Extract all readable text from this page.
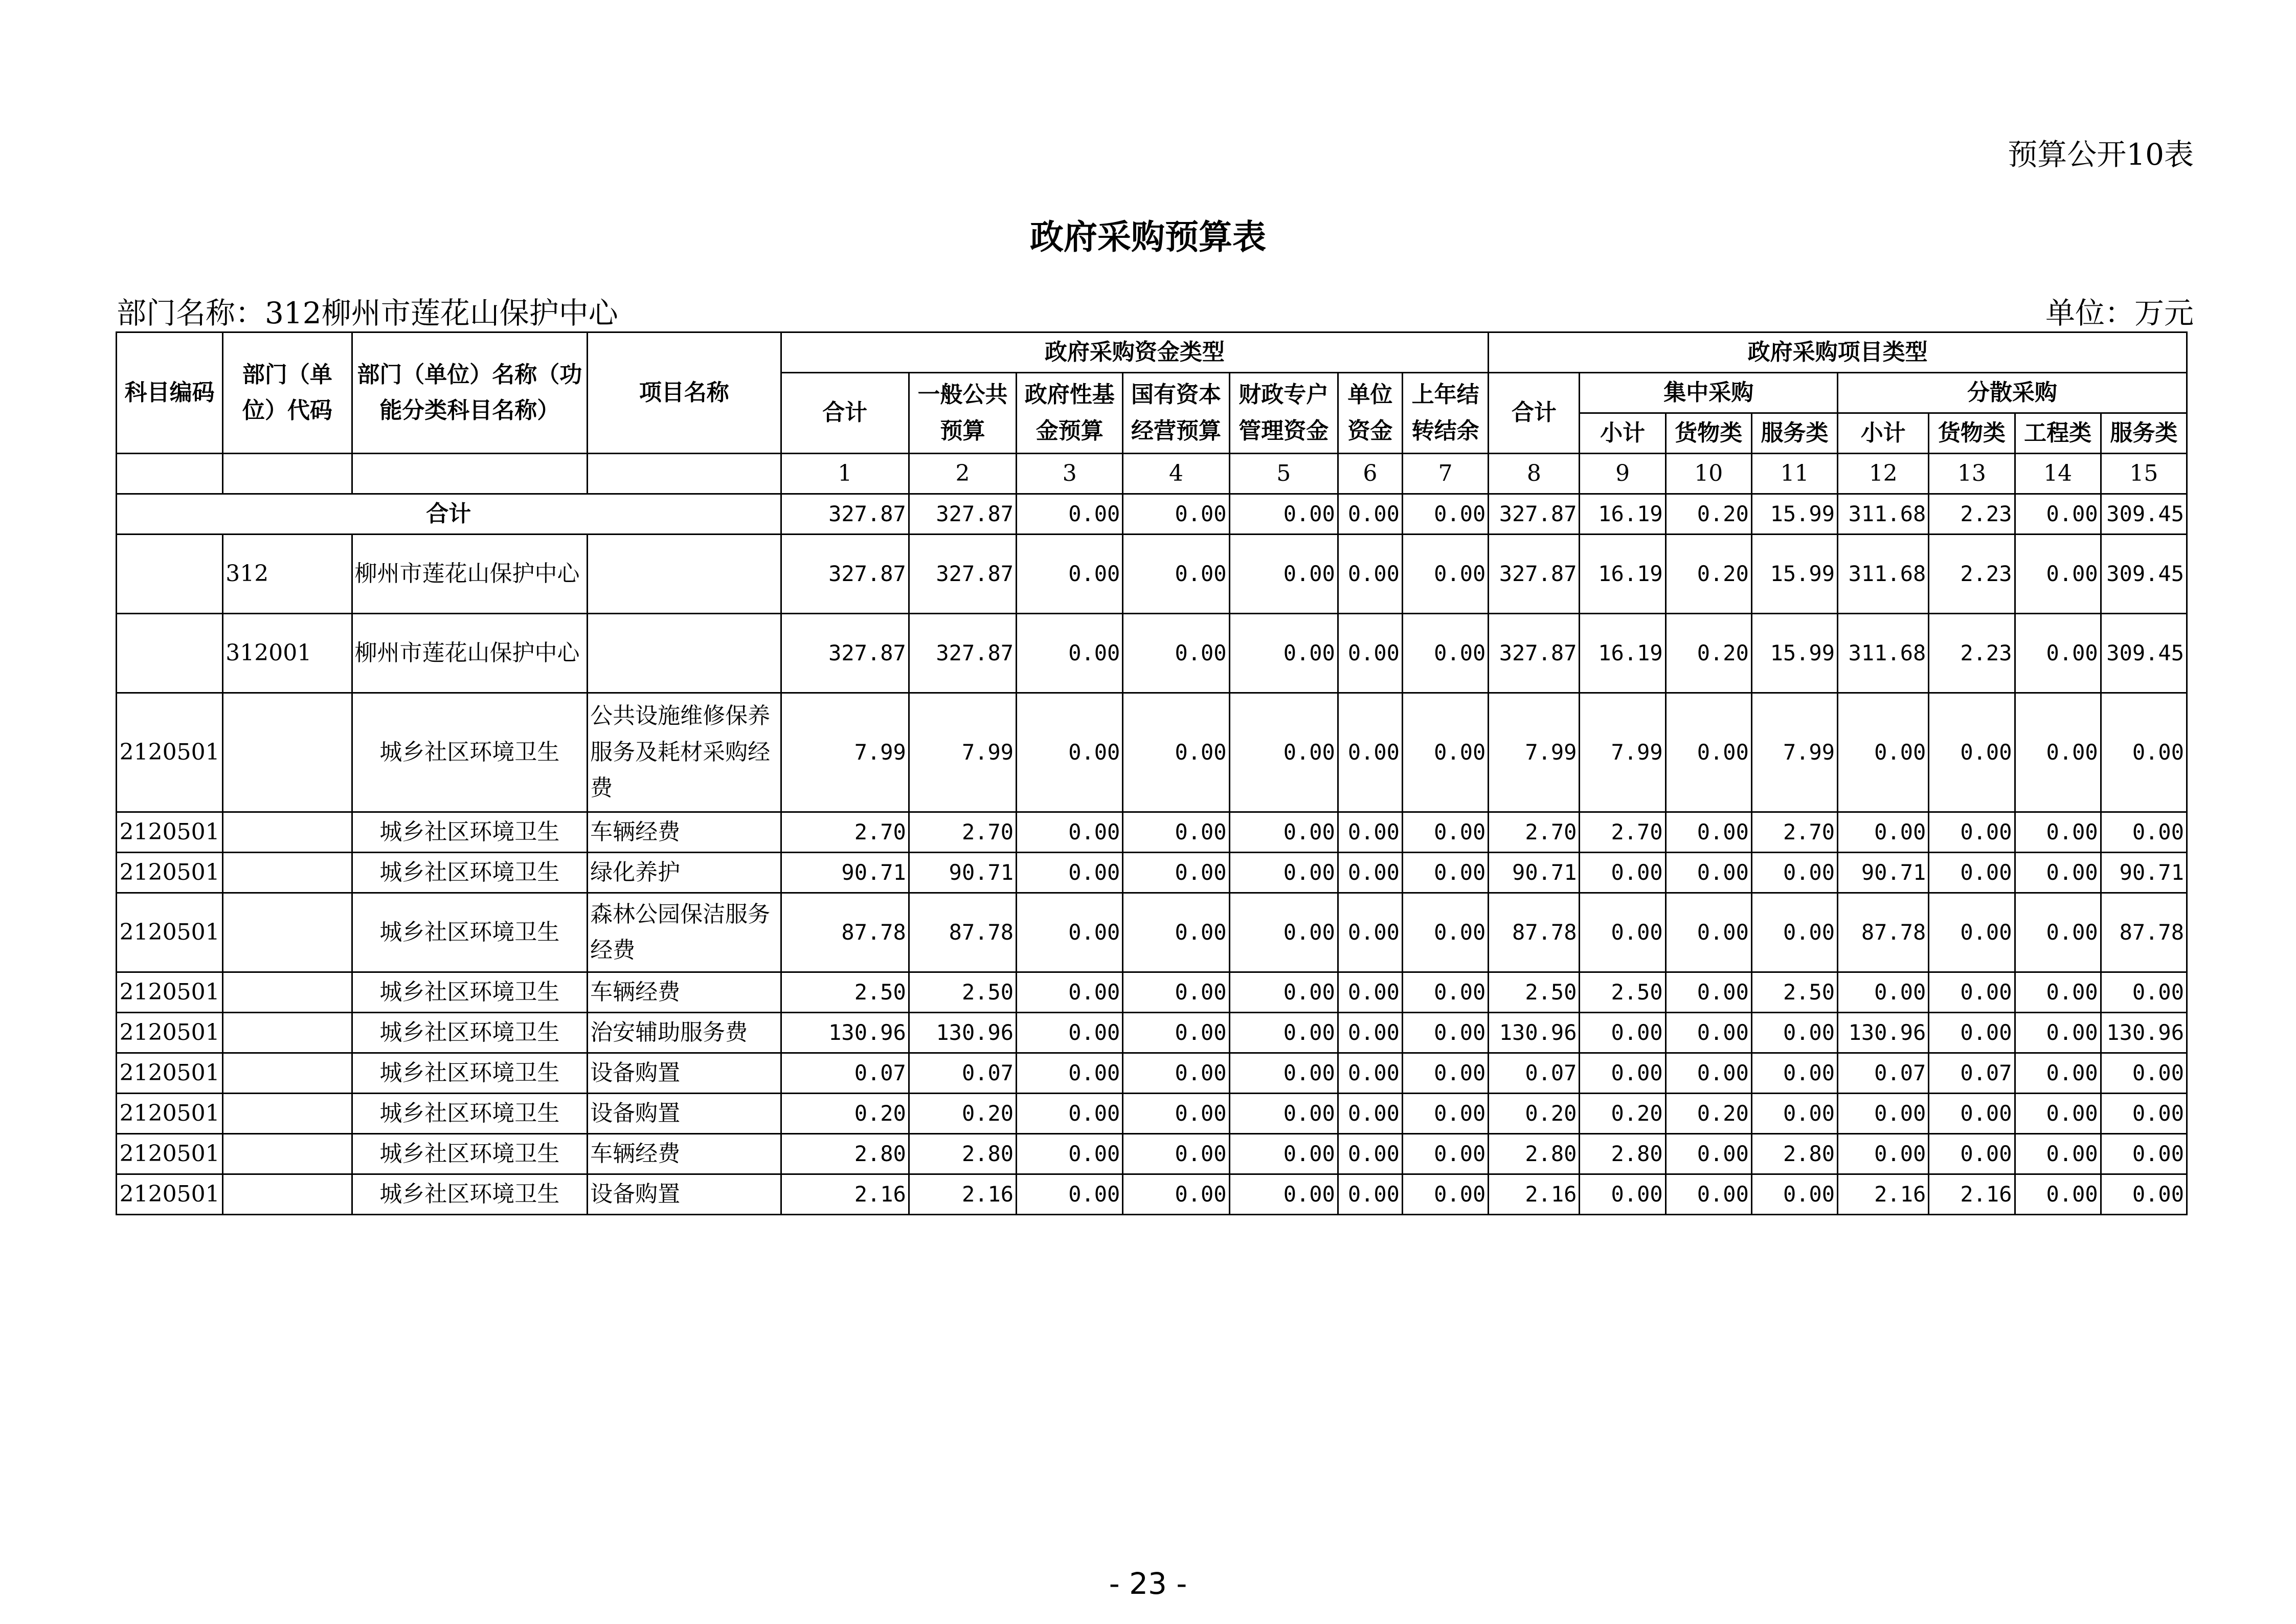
预算公开10表
政府采购预算表
部门名称：312柳州市莲花山保护中心	单位：万元
科目编码	部门（单位）代码	部门（单位）名称（功能分类科目名称）	项目名称	政府采购资金类型							政府采购项目类型							
				合计	一般公共预算	政府性基金预算	国有资本经营预算	财政专户管理资金	单位资金	上年结转结余	合计	集中采购			分散采购			
												小计	货物类	服务类	小计	货物类	工程类	服务类
				1	2	3	4	5	6	7	8	9	10	11	12	13	14	15
合计				327.87	327.87	0.00	0.00	0.00	0.00	0.00	327.87	16.19	0.20	15.99	311.68	2.23	0.00	309.45
	312	柳州市莲花山保护中心		327.87	327.87	0.00	0.00	0.00	0.00	0.00	327.87	16.19	0.20	15.99	311.68	2.23	0.00	309.45
	312001	柳州市莲花山保护中心		327.87	327.87	0.00	0.00	0.00	0.00	0.00	327.87	16.19	0.20	15.99	311.68	2.23	0.00	309.45
2120501		城乡社区环境卫生	公共设施维修保养服务及耗材采购经费	7.99	7.99	0.00	0.00	0.00	0.00	0.00	7.99	7.99	0.00	7.99	0.00	0.00	0.00	0.00
2120501		城乡社区环境卫生	车辆经费	2.70	2.70	0.00	0.00	0.00	0.00	0.00	2.70	2.70	0.00	2.70	0.00	0.00	0.00	0.00
2120501		城乡社区环境卫生	绿化养护	90.71	90.71	0.00	0.00	0.00	0.00	0.00	90.71	0.00	0.00	0.00	90.71	0.00	0.00	90.71
2120501		城乡社区环境卫生	森林公园保洁服务经费	87.78	87.78	0.00	0.00	0.00	0.00	0.00	87.78	0.00	0.00	0.00	87.78	0.00	0.00	87.78
2120501		城乡社区环境卫生	车辆经费	2.50	2.50	0.00	0.00	0.00	0.00	0.00	2.50	2.50	0.00	2.50	0.00	0.00	0.00	0.00
2120501		城乡社区环境卫生	治安辅助服务费	130.96	130.96	0.00	0.00	0.00	0.00	0.00	130.96	0.00	0.00	0.00	130.96	0.00	0.00	130.96
2120501		城乡社区环境卫生	设备购置	0.07	0.07	0.00	0.00	0.00	0.00	0.00	0.07	0.00	0.00	0.00	0.07	0.07	0.00	0.00
2120501		城乡社区环境卫生	设备购置	0.20	0.20	0.00	0.00	0.00	0.00	0.00	0.20	0.20	0.20	0.00	0.00	0.00	0.00	0.00
2120501		城乡社区环境卫生	车辆经费	2.80	2.80	0.00	0.00	0.00	0.00	0.00	2.80	2.80	0.00	2.80	0.00	0.00	0.00	0.00
2120501		城乡社区环境卫生	设备购置	2.16	2.16	0.00	0.00	0.00	0.00	0.00	2.16	0.00	0.00	0.00	2.16	2.16	0.00	0.00
- 23 -
